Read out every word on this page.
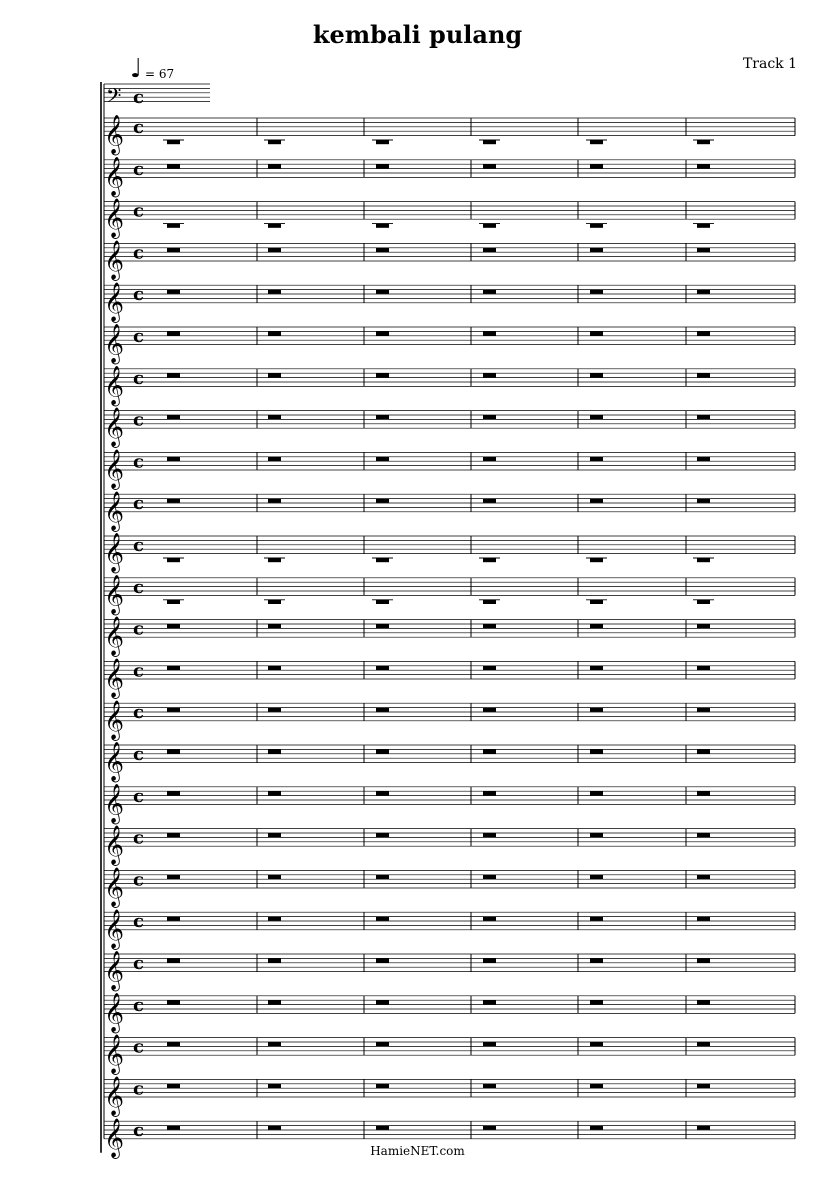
kembali pulang
Track 1
𝄢 c
♩ = 67
𝄞 c
𝄞 c
𝄞 c
𝄞 c
𝄞 c
𝄞 c
𝄞 c
𝄞 c
𝄞 c
𝄞 c
𝄞 c
𝄞 c
𝄞 c
𝄞 c
𝄞 c
𝄞 c
𝄞 c
𝄞 c
𝄞 c
𝄞 c
𝄞 c
𝄞 c
𝄞 c
𝄞 c
𝄞 c
HamieNET.com
